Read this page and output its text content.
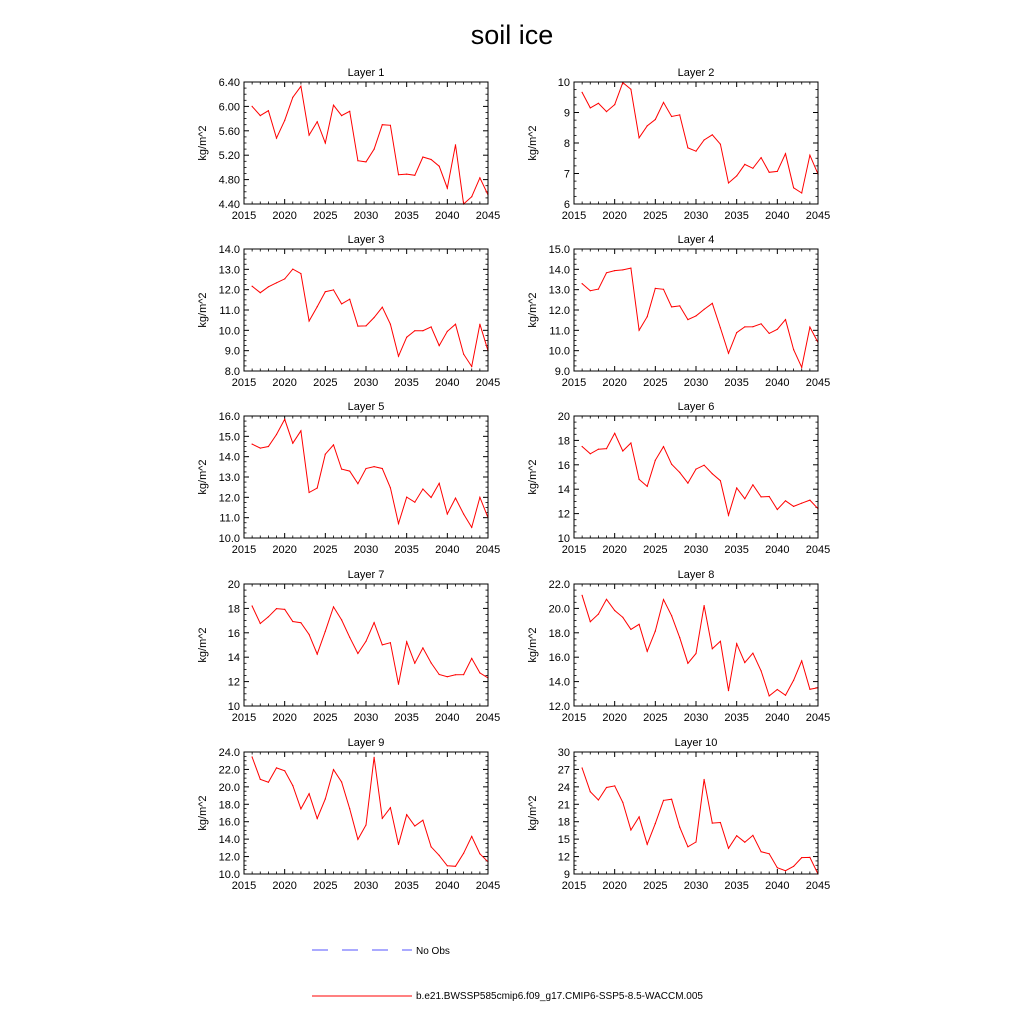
soil ice
Layer 1
kg/m^2
4.40
4.80
5.20
5.60
6.00
6.40
2015 2020 2025 2030 2035 2040 2045
Layer 2
kg/m^2
6
7
8
9
10
2015 2020 2025 2030 2035 2040 2045
Layer 3
kg/m^2
8.0
9.0
10.0
11.0
12.0
13.0
14.0
2015 2020 2025 2030 2035 2040 2045
Layer 4
kg/m^2
9.0
10.0
11.0
12.0
13.0
14.0
15.0
2015 2020 2025 2030 2035 2040 2045
Layer 5
kg/m^2
10.0
11.0
12.0
13.0
14.0
15.0
16.0
2015 2020 2025 2030 2035 2040 2045
Layer 6
kg/m^2
10
12
14
16
18
20
2015 2020 2025 2030 2035 2040 2045
Layer 7
kg/m^2
10
12
14
16
18
20
2015 2020 2025 2030 2035 2040 2045
Layer 8
kg/m^2
12.0
14.0
16.0
18.0
20.0
22.0
2015 2020 2025 2030 2035 2040 2045
Layer 9
kg/m^2
10.0
12.0
14.0
16.0
18.0
20.0
22.0
24.0
2015 2020 2025 2030 2035 2040 2045
Layer 10
kg/m^2
9
12
15
18
21
24
27
30
2015 2020 2025 2030 2035 2040 2045
No Obs
b.e21.BWSSP585cmip6.f09_g17.CMIP6-SSP5-8.5-WACCM.005
